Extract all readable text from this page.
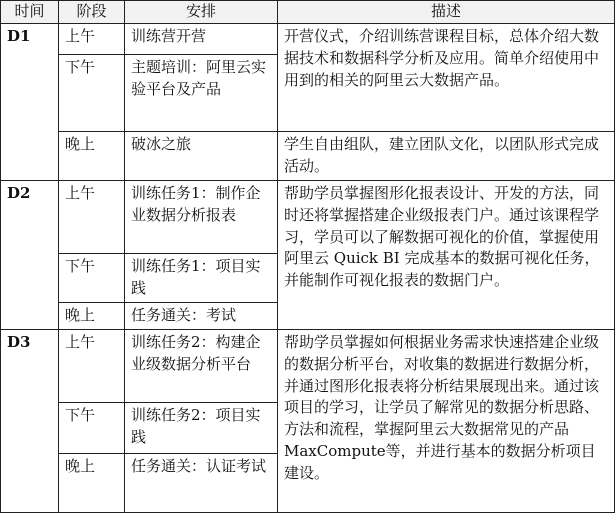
时间	阶段	安排	描述
D1	上午	训练营开营	开营仪式，介绍训练营课程目标，总体介绍大数据技术和数据科学分析及应用。简单介绍使用中用到的相关的阿里云大数据产品。
	下午	主题培训：阿里云实验平台及产品	
	晚上	破冰之旅	学生自由组队，建立团队文化，以团队形式完成活动。
D2	上午	训练任务1：制作企业数据分析报表	帮助学员掌握图形化报表设计、开发的方法，同时还将掌握搭建企业级报表门户。通过该课程学习，学员可以了解数据可视化的价值，掌握使用阿里云 Quick BI 完成基本的数据可视化任务，并能制作可视化报表的数据门户。
	下午	训练任务1：项目实践	
	晚上	任务通关：考试	
D3	上午	训练任务2：构建企业级数据分析平台	帮助学员掌握如何根据业务需求快速搭建企业级的数据分析平台，对收集的数据进行数据分析，并通过图形化报表将分析结果展现出来。通过该项目的学习，让学员了解常见的数据分析思路、方法和流程，掌握阿里云大数据常见的产品MaxCompute等，并进行基本的数据分析项目建设。
	下午	训练任务2：项目实践	
	晚上	任务通关：认证考试	
